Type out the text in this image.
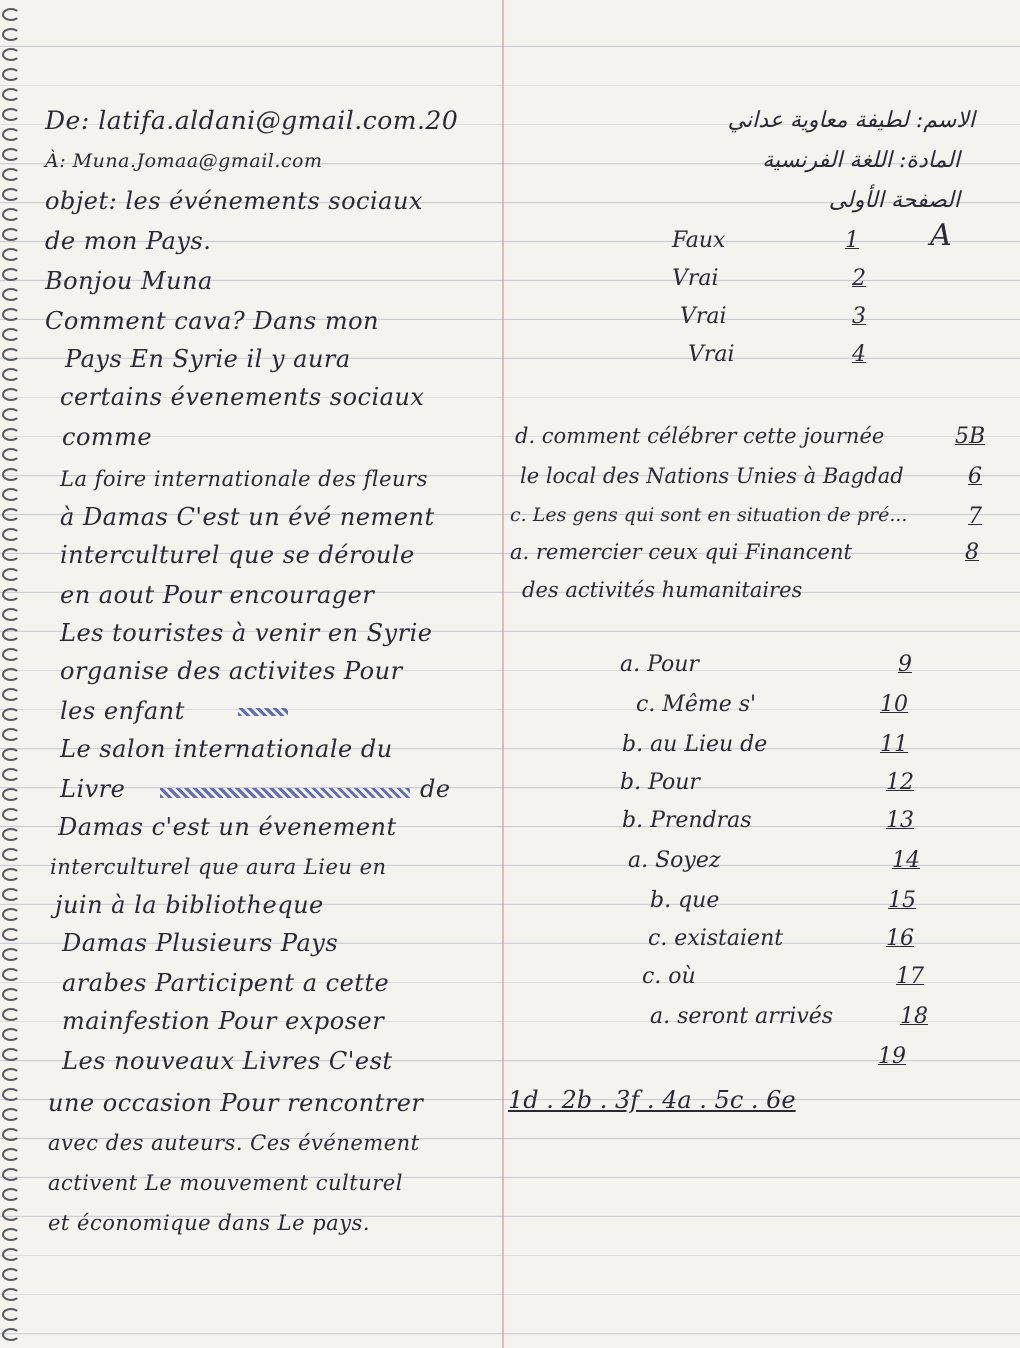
De: latifa.aldani@gmail.com.20
À: Muna.Jomaa@gmail.com
objet: les événements sociaux
de mon Pays.
Bonjou Muna
Comment cava? Dans mon
Pays En Syrie il y aura
certains évenements sociaux
comme
La foire internationale des fleurs
à Damas C'est un évé nement
interculturel que se déroule
en aout Pour encourager
Les touristes à venir en Syrie
organise des activites Pour
les enfant
Le salon internationale du
Livre	de
Damas c'est un évenement
interculturel que aura Lieu en
juin à la bibliotheque
Damas Plusieurs Pays
arabes Participent a cette
mainfestion Pour exposer
Les nouveaux Livres C'est
une occasion Pour rencontrer
avec des auteurs. Ces événement
activent Le mouvement culturel
et économique dans Le pays.
الاسم: لطيفة معاوية عداني
المادة: اللغة الفرنسية
الصفحة الأولى
A
Faux	1
Vrai	2
Vrai	3
Vrai	4
d. comment célébrer cette journée	5B
le local des Nations Unies à Bagdad	6
c. Les gens qui sont en situation de pré...	7
a. remercier ceux qui Financent	8
des activités humanitaires
a. Pour	9
c. Même s'	10
b. au Lieu de	11
b. Pour	12
b. Prendras	13
a. Soyez	14
b. que	15
c. existaient	16
c. où	17
a. seront arrivés	18
19
1d . 2b . 3f . 4a . 5c . 6e
